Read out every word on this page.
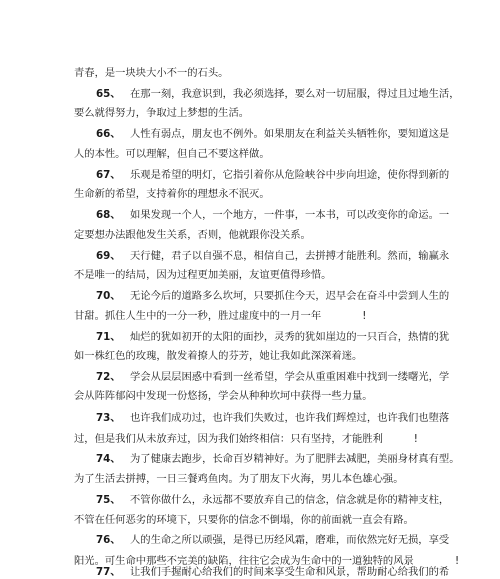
青春，是一块块大小不一的石头。
65、 在那一刻，我意识到，我必须选择，要么对一切屈服，得过且过地生活，
要么就得努力，争取过上梦想的生活。
66、 人性有弱点，朋友也不例外。如果朋友在利益关头牺牲你，要知道这是
人的本性。可以理解，但自己不要这样做。
67、 乐观是希望的明灯，它指引着你从危险峡谷中步向坦途，使你得到新的
生命新的希望，支持着你的理想永不泯灭。
68、 如果发现一个人，一个地方，一件事，一本书，可以改变你的命运。一
定要想办法跟他发生关系，否则，他就跟你没关系。
69、 天行健，君子以自强不息，相信自己，去拼搏才能胜利。然而，输赢永
不是唯一的结局，因为过程更加美丽，友谊更值得珍惜。
70、 无论今后的道路多么坎坷，只要抓住今天，迟早会在奋斗中尝到人生的
甘甜。抓住人生中的一分一秒，胜过虚度中的一月一年　　　　!
71、 灿烂的犹如初开的太阳的面抄，灵秀的犹如崖边的一只百合，热情的犹
如一株红色的玫瑰，散发着撩人的芬芳，她让我如此深深着迷。
72、 学会从层层困惑中看到一丝希望，学会从重重困难中找到一缕曙光，学
会从阵阵郁闷中发现一份悠扬，学会从种种坎坷中获得一些力量。
73、 也许我们成功过，也许我们失败过，也许我们辉煌过，也许我们也堕落
过，但是我们从未放弃过，因为我们始终相信：只有坚持，才能胜利　　　!
74、 为了健康去跑步，长命百岁精神好。为了肥胖去减肥，美丽身材真有型。
为了生活去拼搏，一日三餐鸡鱼肉。为了朋友下火海，男儿本色雄心强。
75、 不管你做什么，永远都不要放弃自己的信念，信念就是你的精神支柱，
不管在任何恶劣的环境下，只要你的信念不倒塌，你的前面就一直会有路。
76、 人的生命之所以顽强，是得已历经风霜，磨难，而依然完好无损，享受
阳光。可生命中那些不完美的缺陷，往往它会成为生命中的一道独特的风景　　　　!
77、 让我们手握耐心给我们的时间来享受生命和风景，帮助耐心给我们的希
